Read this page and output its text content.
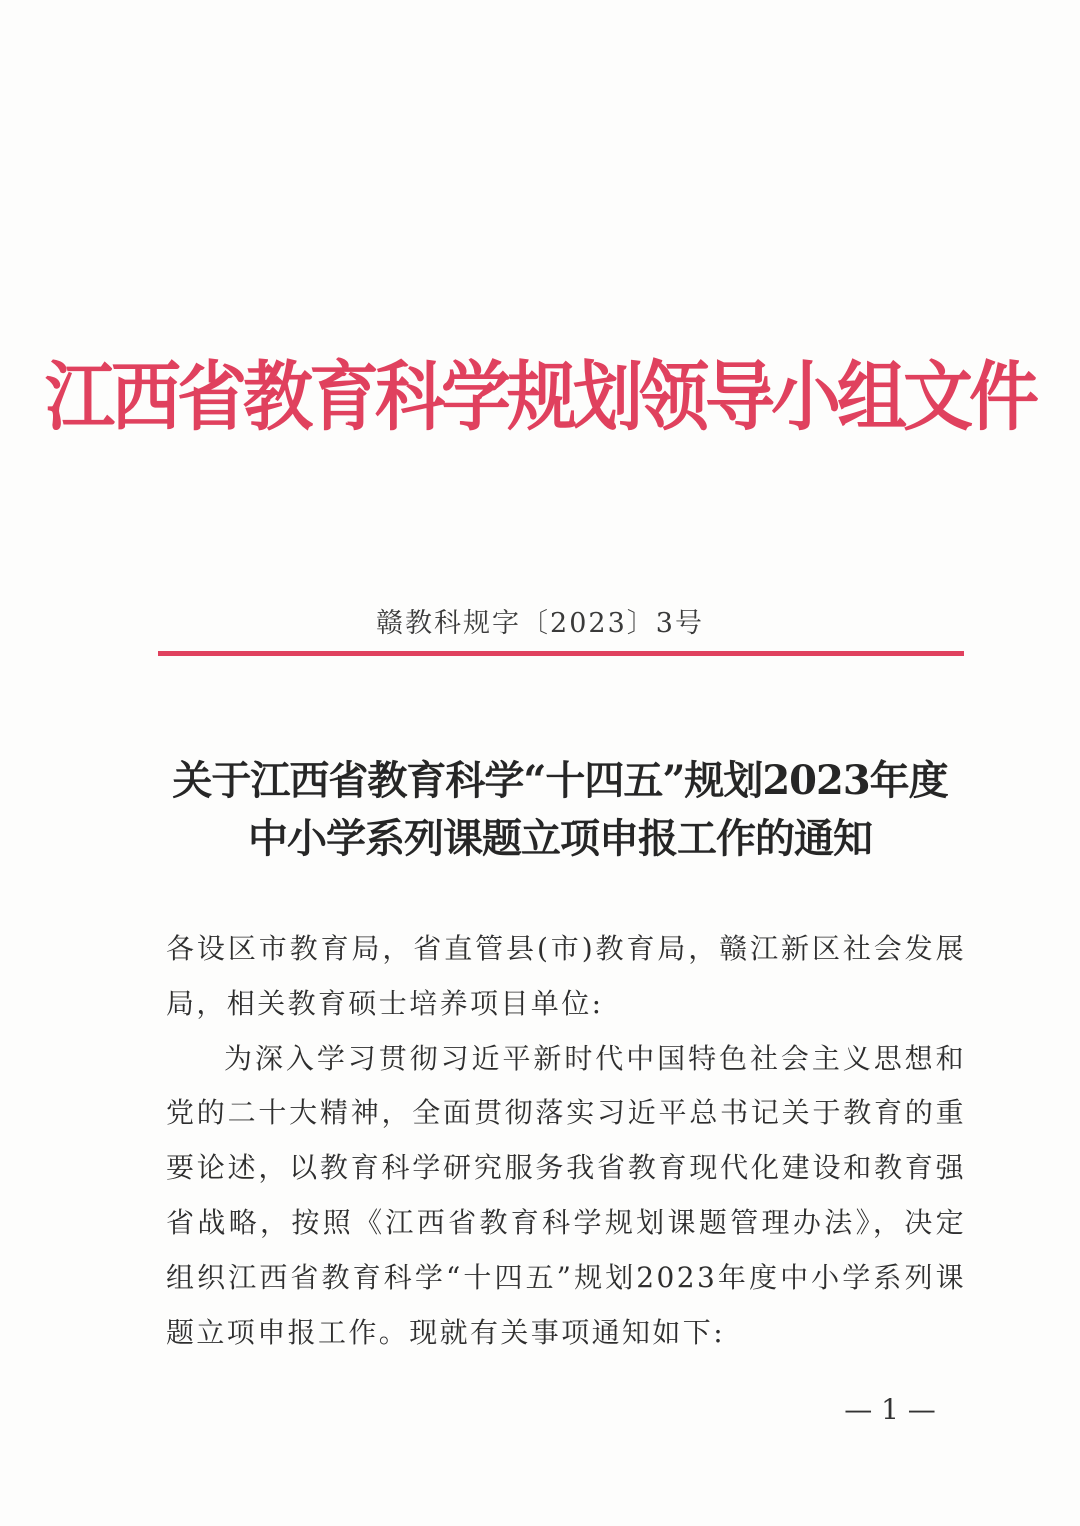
江西省教育科学规划领导小组文件
赣教科规字〔2023〕3号
关于江西省教育科学“十四五”规划2023年度
中小学系列课题立项申报工作的通知

各设区市教育局，省直管县(市)教育局，赣江新区社会发展局，相关教育硕士培养项目单位:

为深入学习贯彻习近平新时代中国特色社会主义思想和党的二十大精神，全面贯彻落实习近平总书记关于教育的重要论述，以教育科学研究服务我省教育现代化建设和教育强省战略，按照《江西省教育科学规划课题管理办法》，决定组织江西省教育科学“十四五”规划2023年度中小学系列课题立项申报工作。现就有关事项通知如下:

— 1 —
